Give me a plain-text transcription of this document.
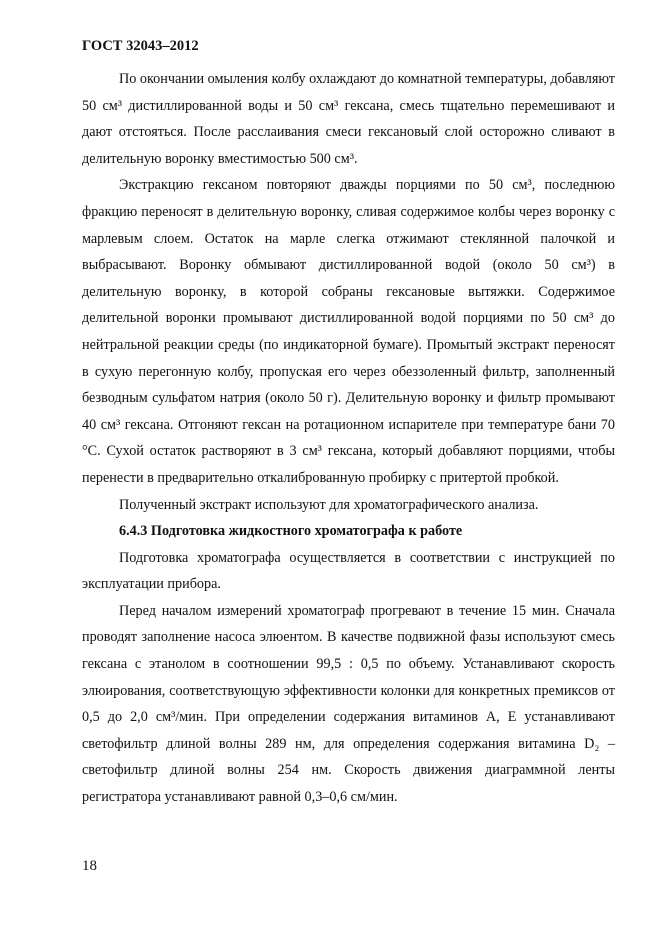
ГОСТ 32043–2012

По окончании омыления колбу охлаждают до комнатной температуры, добавляют 50 см³ дистиллированной воды и 50 см³ гексана, смесь тщательно перемешивают и дают отстояться. После расслаивания смеси гексановый слой осторожно сливают в делительную воронку вместимостью 500 см³.

Экстракцию гексаном повторяют дважды порциями по 50 см³, последнюю фракцию переносят в делительную воронку, сливая содержимое колбы через воронку с марлевым слоем. Остаток на марле слегка отжимают стеклянной палочкой и выбрасывают. Воронку обмывают дистиллированной водой (около 50 см³) в делительную воронку, в которой собраны гексановые вытяжки. Содержимое делительной воронки промывают дистиллированной водой порциями по 50 см³ до нейтральной реакции среды (по индикаторной бумаге). Промытый экстракт переносят в сухую перегонную колбу, пропуская его через обеззоленный фильтр, заполненный безводным сульфатом натрия (около 50 г). Делительную воронку и фильтр промывают 40 см³ гексана. Отгоняют гексан на ротационном испарителе при температуре бани 70 °С. Сухой остаток растворяют в 3 см³ гексана, который добавляют порциями, чтобы перенести в предварительно откалиброванную пробирку с притертой пробкой.

Полученный экстракт используют для хроматографического анализа.

6.4.3 Подготовка жидкостного хроматографа к работе

Подготовка хроматографа осуществляется в соответствии с инструкцией по эксплуатации прибора.

Перед началом измерений хроматограф прогревают в течение 15 мин. Сначала проводят заполнение насоса элюентом. В качестве подвижной фазы используют смесь гексана с этанолом в соотношении 99,5 : 0,5 по объему. Устанавливают скорость элюирования, соответствующую эффективности колонки для конкретных премиксов от 0,5 до 2,0 см³/мин. При определении содержания витаминов А, Е устанавливают светофильтр длиной волны 289 нм, для определения содержания витамина D₂ – светофильтр длиной волны 254 нм. Скорость движения диаграммной ленты регистратора устанавливают равной 0,3–0,6 см/мин.

18
